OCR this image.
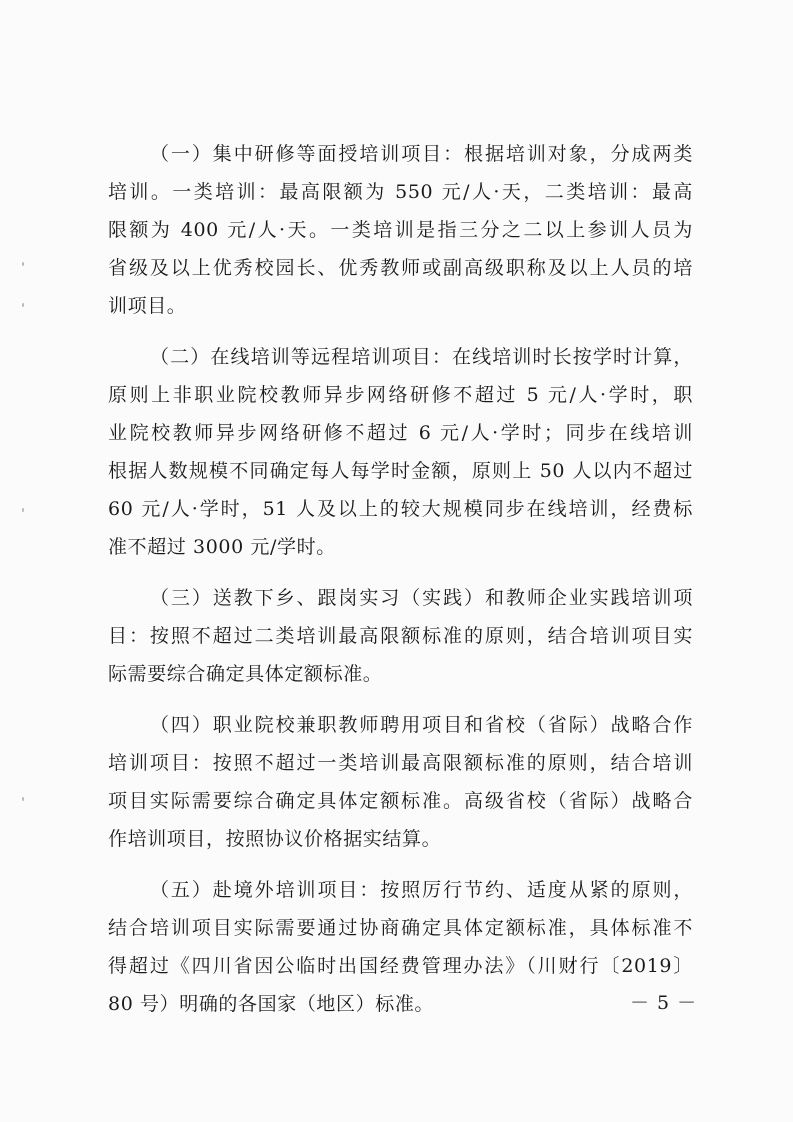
（一）集中研修等面授培训项目：根据培训对象，分成两类
培训。一类培训：最高限额为 550 元/人·天，二类培训：最高
限额为 400 元/人·天。一类培训是指三分之二以上参训人员为
省级及以上优秀校园长、优秀教师或副高级职称及以上人员的培
训项目。
（二）在线培训等远程培训项目：在线培训时长按学时计算，
原则上非职业院校教师异步网络研修不超过 5 元/人·学时，职
业院校教师异步网络研修不超过 6 元/人·学时；同步在线培训
根据人数规模不同确定每人每学时金额，原则上 50 人以内不超过
60 元/人·学时，51 人及以上的较大规模同步在线培训，经费标
准不超过 3000 元/学时。
（三）送教下乡、跟岗实习（实践）和教师企业实践培训项
目：按照不超过二类培训最高限额标准的原则，结合培训项目实
际需要综合确定具体定额标准。
（四）职业院校兼职教师聘用项目和省校（省际）战略合作
培训项目：按照不超过一类培训最高限额标准的原则，结合培训
项目实际需要综合确定具体定额标准。高级省校（省际）战略合
作培训项目，按照协议价格据实结算。
（五）赴境外培训项目：按照厉行节约、适度从紧的原则，
结合培训项目实际需要通过协商确定具体定额标准，具体标准不
得超过《四川省因公临时出国经费管理办法》（川财行〔2019〕
80 号）明确的各国家（地区）标准。	－ 5 －
